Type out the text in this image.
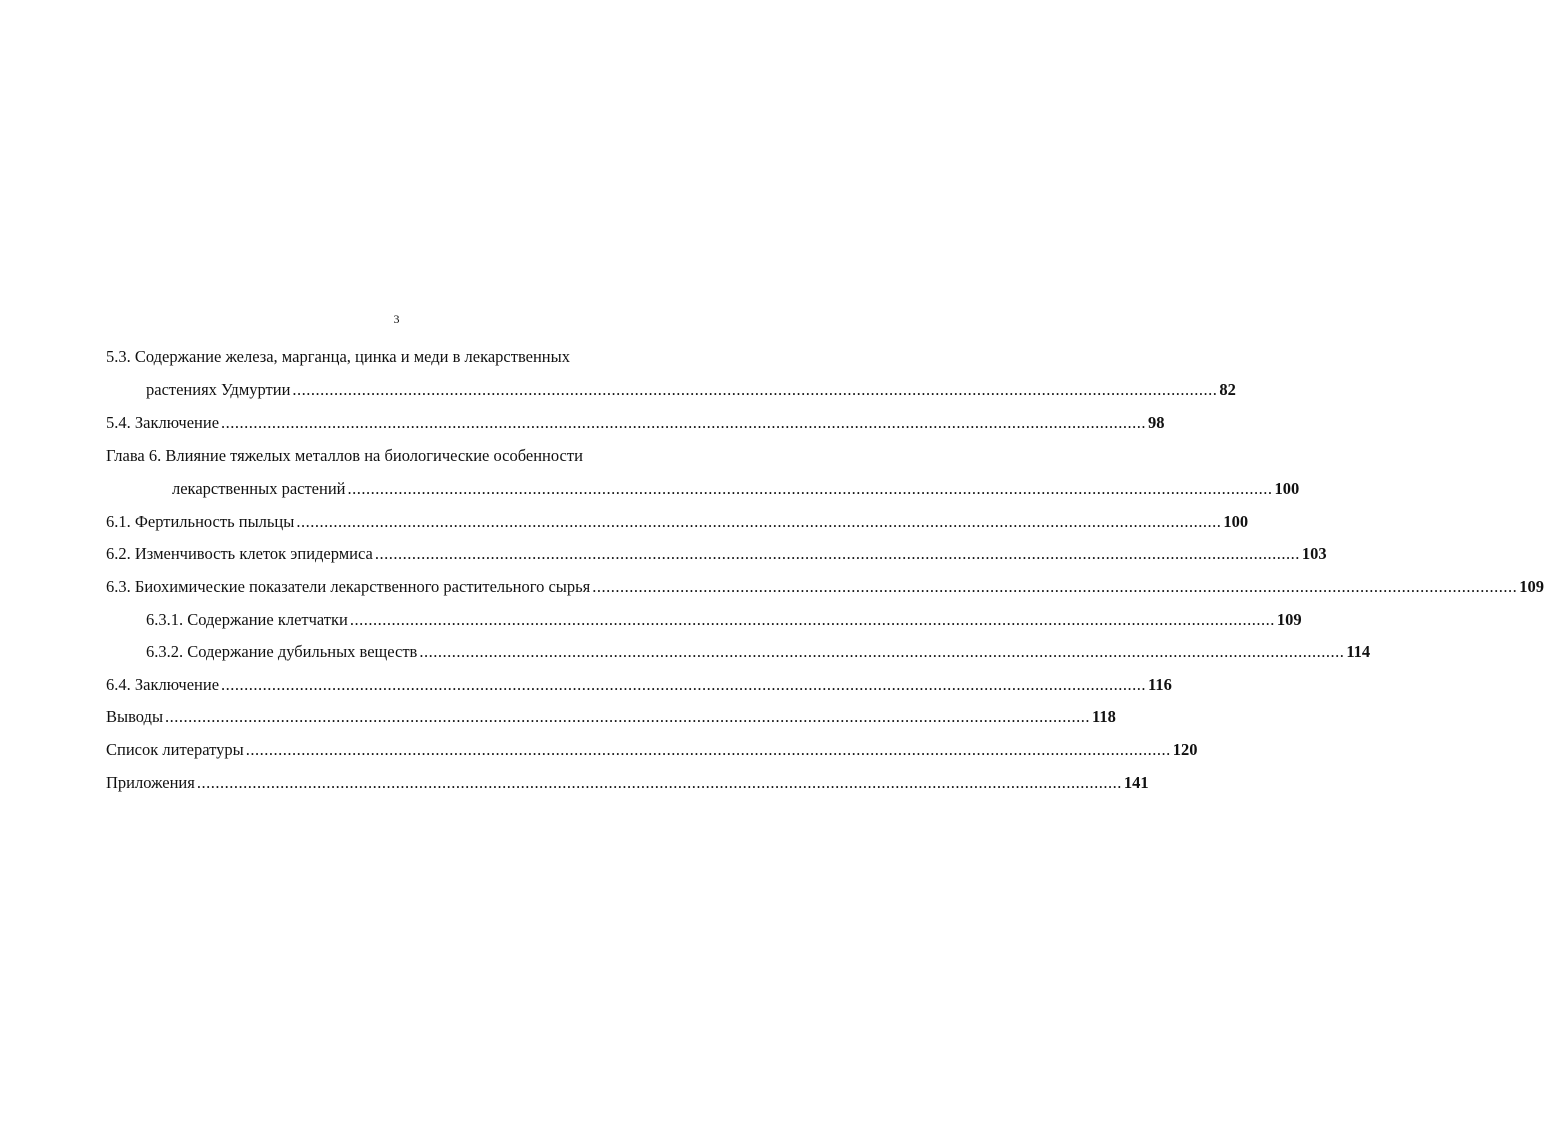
3
5.3. Содержание железа, марганца, цинка и меди в лекарственных
растениях Удмуртии ........................................................................................................................................................................................................ 82
5.4. Заключение ........................................................................................................................................................................................................ 98
Глава 6. Влияние тяжелых металлов на биологические особенности
лекарственных растений ........................................................................................................................................................................................................ 100
6.1. Фертильность пыльцы ........................................................................................................................................................................................................ 100
6.2. Изменчивость клеток эпидермиса ........................................................................................................................................................................................................ 103
6.3. Биохимические показатели лекарственного растительного сырья ........................................................................................................................................................................................................ 109
6.3.1. Содержание клетчатки ........................................................................................................................................................................................................ 109
6.3.2. Содержание дубильных веществ ........................................................................................................................................................................................................ 114
6.4. Заключение ........................................................................................................................................................................................................ 116
Выводы ........................................................................................................................................................................................................ 118
Список литературы ........................................................................................................................................................................................................ 120
Приложения ........................................................................................................................................................................................................ 141
